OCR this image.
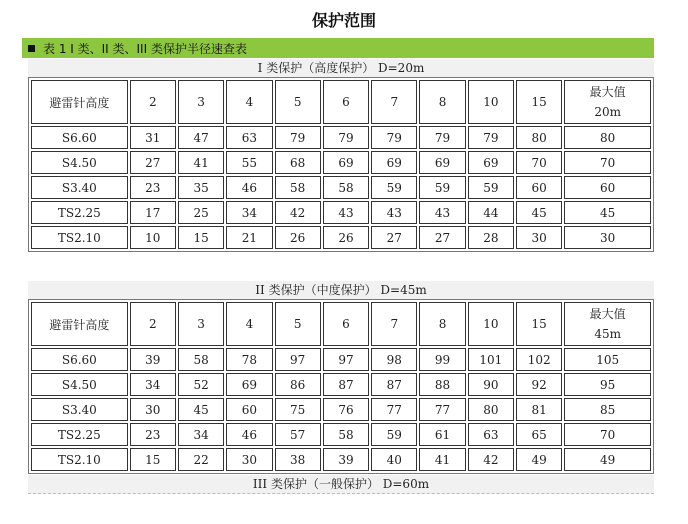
保护范围
表 1 I 类、II 类、III 类保护半径速查表
I 类保护（高度保护） D=20m
避雷针高度	2	3	4	5	6	7	8	10	15	最大值
20m

S6.60	31	47	63	79	79	79	79	79	80	80
S4.50	27	41	55	68	69	69	69	69	70	70
S3.40	23	35	46	58	58	59	59	59	60	60
TS2.25	17	25	34	42	43	43	43	44	45	45
TS2.10	10	15	21	26	26	27	27	28	30	30
II 类保护（中度保护） D=45m
避雷针高度	2	3	4	5	6	7	8	10	15	最大值
45m

S6.60	39	58	78	97	97	98	99	101	102	105
S4.50	34	52	69	86	87	87	88	90	92	95
S3.40	30	45	60	75	76	77	77	80	81	85
TS2.25	23	34	46	57	58	59	61	63	65	70
TS2.10	15	22	30	38	39	40	41	42	49	49
III 类保护（一般保护） D=60m
